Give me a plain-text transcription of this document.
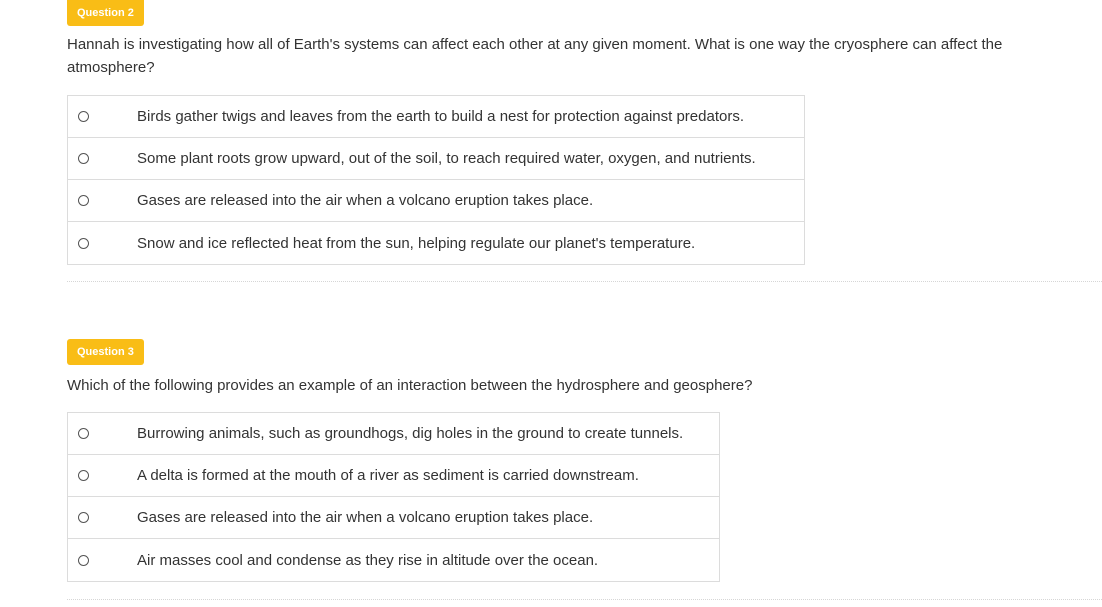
Question 2

Hannah is investigating how all of Earth's systems can affect each other at any given moment. What is one way the cryosphere can affect the atmosphere?

Birds gather twigs and leaves from the earth to build a nest for protection against predators.
Some plant roots grow upward, out of the soil, to reach required water, oxygen, and nutrients.
Gases are released into the air when a volcano eruption takes place.
Snow and ice reflected heat from the sun, helping regulate our planet's temperature.
Question 3

Which of the following provides an example of an interaction between the hydrosphere and geosphere?

Burrowing animals, such as groundhogs, dig holes in the ground to create tunnels.
A delta is formed at the mouth of a river as sediment is carried downstream.
Gases are released into the air when a volcano eruption takes place.
Air masses cool and condense as they rise in altitude over the ocean.
